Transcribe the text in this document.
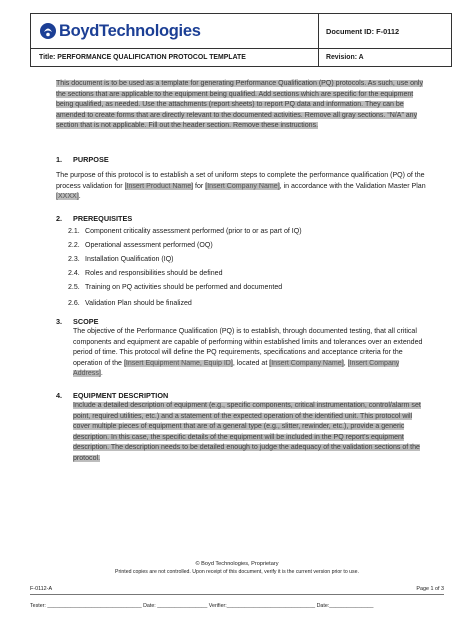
BoydTechnologies	Document ID: F-0112
Title: PERFORMANCE QUALIFICATION PROTOCOL TEMPLATE	Revision: A
This document is to be used as a template for generating Performance Qualification (PQ) protocols. As such, use only the sections that are applicable to the equipment being qualified. Add sections which are specific for the equipment being qualified, as needed. Use the attachments (report sheets) to report PQ data and information. They can be amended to create forms that are directly relevant to the documented activities. Remove all gray sections. “N/A” any section that is not applicable. Fill out the header section. Remove these instructions.
1. PURPOSE
The purpose of this protocol is to establish a set of uniform steps to complete the performance qualification (PQ) of the process validation for [Insert Product Name] for [Insert Company Name], in accordance with the Validation Master Plan [XXXX].
2. PREREQUISITES
2.1. Component criticality assessment performed (prior to or as part of IQ)
2.2. Operational assessment performed (OQ)
2.3. Installation Qualification (IQ)
2.4. Roles and responsibilities should be defined
2.5. Training on PQ activities should be performed and documented
2.6. Validation Plan should be finalized
3. SCOPE
The objective of the Performance Qualification (PQ) is to establish, through documented testing, that all critical components and equipment are capable of performing within established limits and tolerances over an extended period of time. This protocol will define the PQ requirements, specifications and acceptance criteria for the operation of the [Insert Equipment Name, Equip ID], located at [Insert Company Name], [Insert Company Address].
4. EQUIPMENT DESCRIPTION
Include a detailed description of equipment (e.g., specific components, critical instrumentation, control/alarm set point, required utilities, etc.) and a statement of the expected operation of the identified unit. This protocol will cover multiple pieces of equipment that are of a general type (e.g., slitter, rewinder, etc.), provide a generic description. In this case, the specific details of the equipment will be included in the PQ report’s equipment description. The description needs to be detailed enough to judge the adequacy of the validation sections of the protocol.
© Boyd Technologies, Proprietary
Printed copies are not controlled. Upon receipt of this document, verify it is the current version prior to use.
F-0112-A	Page 1 of 3
Tester: ________________________________ Date: _________________ Verifier:______________________________ Date:_______________
